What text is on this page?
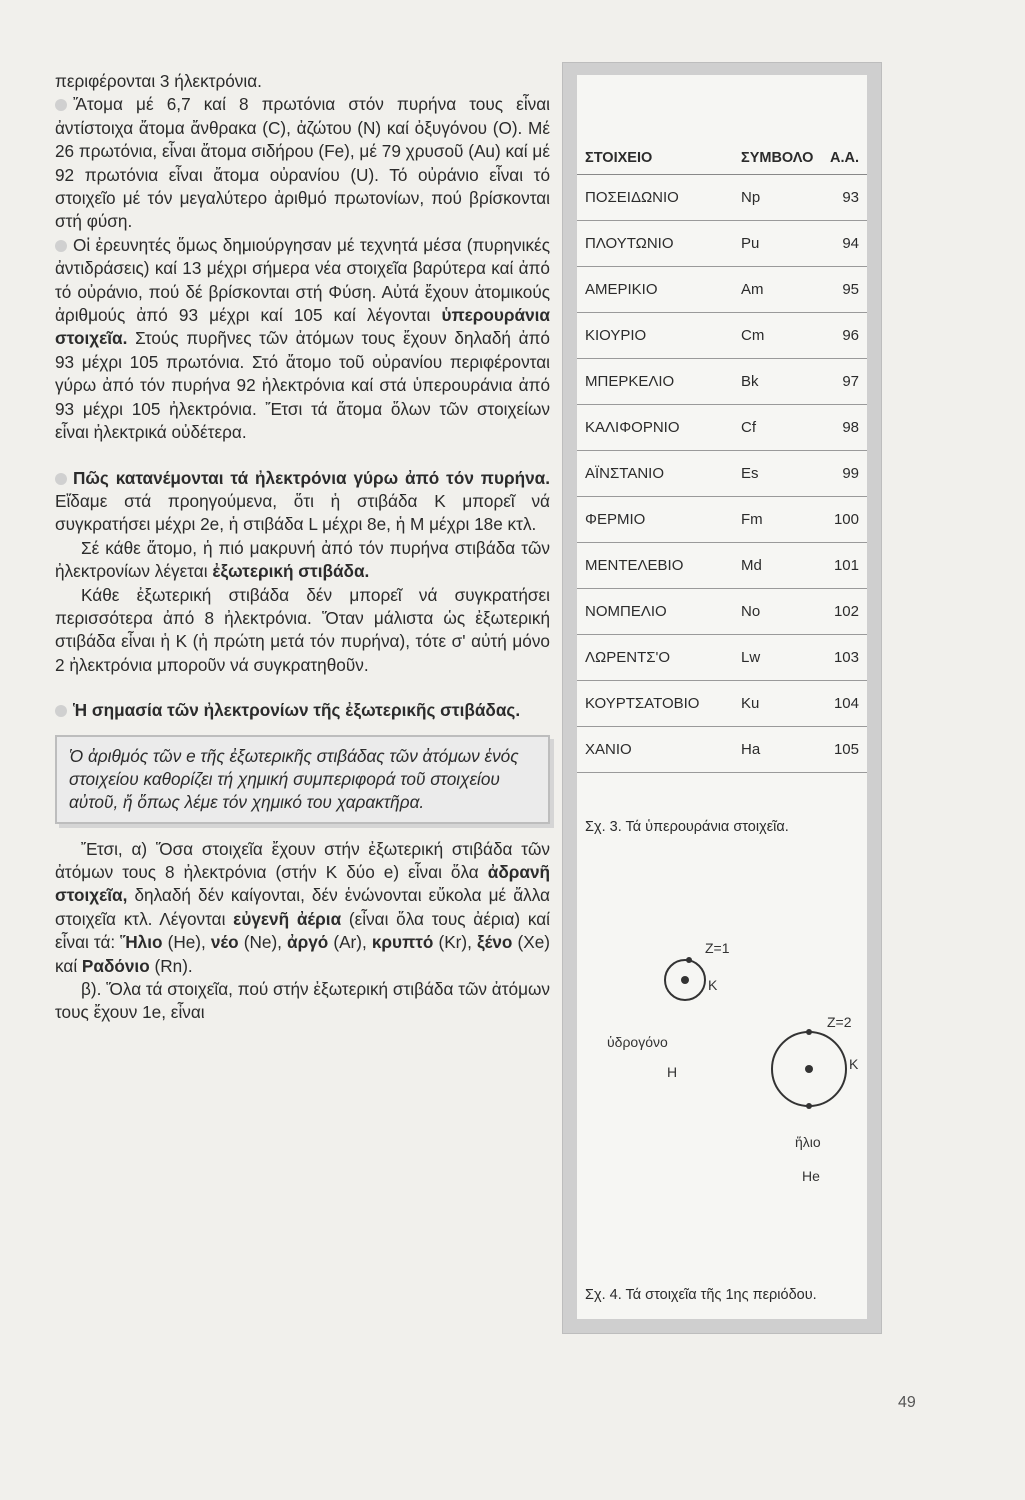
περιφέρονται 3 ήλεκτρόνια.

Ἄτομα μέ 6,7 καί 8 πρωτόνια στόν πυρήνα τους εἶναι ἀντίστοιχα ἄτομα ἄνθρακα (C), ἀζώτου (N) καί ὀξυγόνου (O). Μέ 26 πρωτόνια, εἶναι ἄτομα σιδήρου (Fe), μέ 79 χρυσοῦ (Au) καί μέ 92 πρωτόνια εἶναι ἄτομα οὐρανίου (U). Τό οὐράνιο εἶναι τό στοιχεῖο μέ τόν μεγαλύτερο ἀριθμό πρωτονίων, πού βρίσκονται στή φύση.

Οἱ ἐρευνητές ὅμως δημιούργησαν μέ τεχνητά μέσα (πυρηνικές ἀντιδράσεις) καί 13 μέχρι σήμερα νέα στοιχεῖα βαρύτερα καί ἀπό τό οὐράνιο, πού δέ βρίσκονται στή Φύση. Αὐτά ἔχουν ἀτομικούς ἀριθμούς ἀπό 93 μέχρι καί 105 καί λέγονται ὑπερουράνια στοιχεῖα. Στούς πυρῆνες τῶν ἀτόμων τους ἔχουν δηλαδή ἀπό 93 μέχρι 105 πρωτόνια. Στό ἄτομο τοῦ οὐρανίου περιφέρονται γύρω ἀπό τόν πυρήνα 92 ἠλεκτρόνια καί στά ὑπερουράνια ἀπό 93 μέχρι 105 ἠλεκτρόνια. Ἔτσι τά ἄτομα ὅλων τῶν στοιχείων εἶναι ἠλεκτρικά οὐδέτερα.

Πῶς κατανέμονται τά ἠλεκτρόνια γύρω ἀπό τόν πυρήνα. Εἴδαμε στά προηγούμενα, ὅτι ἡ στιβάδα K μπορεῖ νά συγκρατήσει μέχρι 2e, ἡ στιβάδα L μέχρι 8e, ἡ M μέχρι 18e κτλ.

Σέ κάθε ἄτομο, ἡ πιό μακρυνή ἀπό τόν πυρήνα στιβάδα τῶν ἠλεκτρονίων λέγεται ἐξωτερική στιβάδα.

Κάθε ἐξωτερική στιβάδα δέν μπορεῖ νά συγκρατήσει περισσότερα ἀπό 8 ἠλεκτρόνια. Ὅταν μάλιστα ὡς ἐξωτερική στιβάδα εἶναι ἡ K (ἡ πρώτη μετά τόν πυρήνα), τότε σ' αὐτή μόνο 2 ἠλεκτρόνια μποροῦν νά συγκρατηθοῦν.

Ἡ σημασία τῶν ἠλεκτρονίων τῆς ἐξωτερικῆς στιβάδας.

Ὁ ἀριθμός τῶν e τῆς ἐξωτερικῆς στιβάδας τῶν ἀτόμων ἑνός στοιχείου καθορίζει τή χημική συμπεριφορά τοῦ στοιχείου αὐτοῦ, ἤ ὅπως λέμε τόν χημικό του χαρακτῆρα.

Ἔτσι, α) Ὅσα στοιχεῖα ἔχουν στήν ἐξωτερική στιβάδα τῶν ἀτόμων τους 8 ἠλεκτρόνια (στήν K δύο e) εἶναι ὅλα ἀδρανῆ στοιχεῖα, δηλαδή δέν καίγονται, δέν ἑνώνονται εὔκολα μέ ἄλλα στοιχεῖα κτλ. Λέγονται εὐγενῆ ἀέρια (εἶναι ὅλα τους ἀέρια) καί εἶναι τά: Ἥλιο (He), νέο (Ne), ἀργό (Ar), κρυπτό (Kr), ξένο (Xe) καί Ραδόνιο (Rn).

β). Ὅλα τά στοιχεῖα, πού στήν ἐξωτερική στιβάδα τῶν ἀτόμων τους ἔχουν 1e, εἶναι

ΣΤΟΙΧΕΙΟ	ΣΥΜΒΟΛΟ	Α.Α.
ΠΟΣΕΙΔΩΝΙΟ	Np	93
ΠΛΟΥΤΩΝΙΟ	Pu	94
ΑΜΕΡΙΚΙΟ	Am	95
ΚΙΟΥΡΙΟ	Cm	96
ΜΠΕΡΚΕΛΙΟ	Bk	97
ΚΑΛΙΦΟΡΝΙΟ	Cf	98
ΑΪΝΣΤΑΝΙΟ	Es	99
ΦΕΡΜΙΟ	Fm	100
ΜΕΝΤΕΛΕΒΙΟ	Md	101
ΝΟΜΠΕΛΙΟ	No	102
ΛΩΡΕΝΤΣ'Ο	Lw	103
ΚΟΥΡΤΣΑΤΟΒΙΟ	Ku	104
ΧΑΝΙΟ	Ha	105
Σχ. 3. Τά ὑπερουράνια στοιχεῖα.
Z=1
K
ὑδρογόνο
H
Z=2
K
ἥλιο
He
Σχ. 4. Τά στοιχεῖα τῆς 1ης περιόδου.
49
